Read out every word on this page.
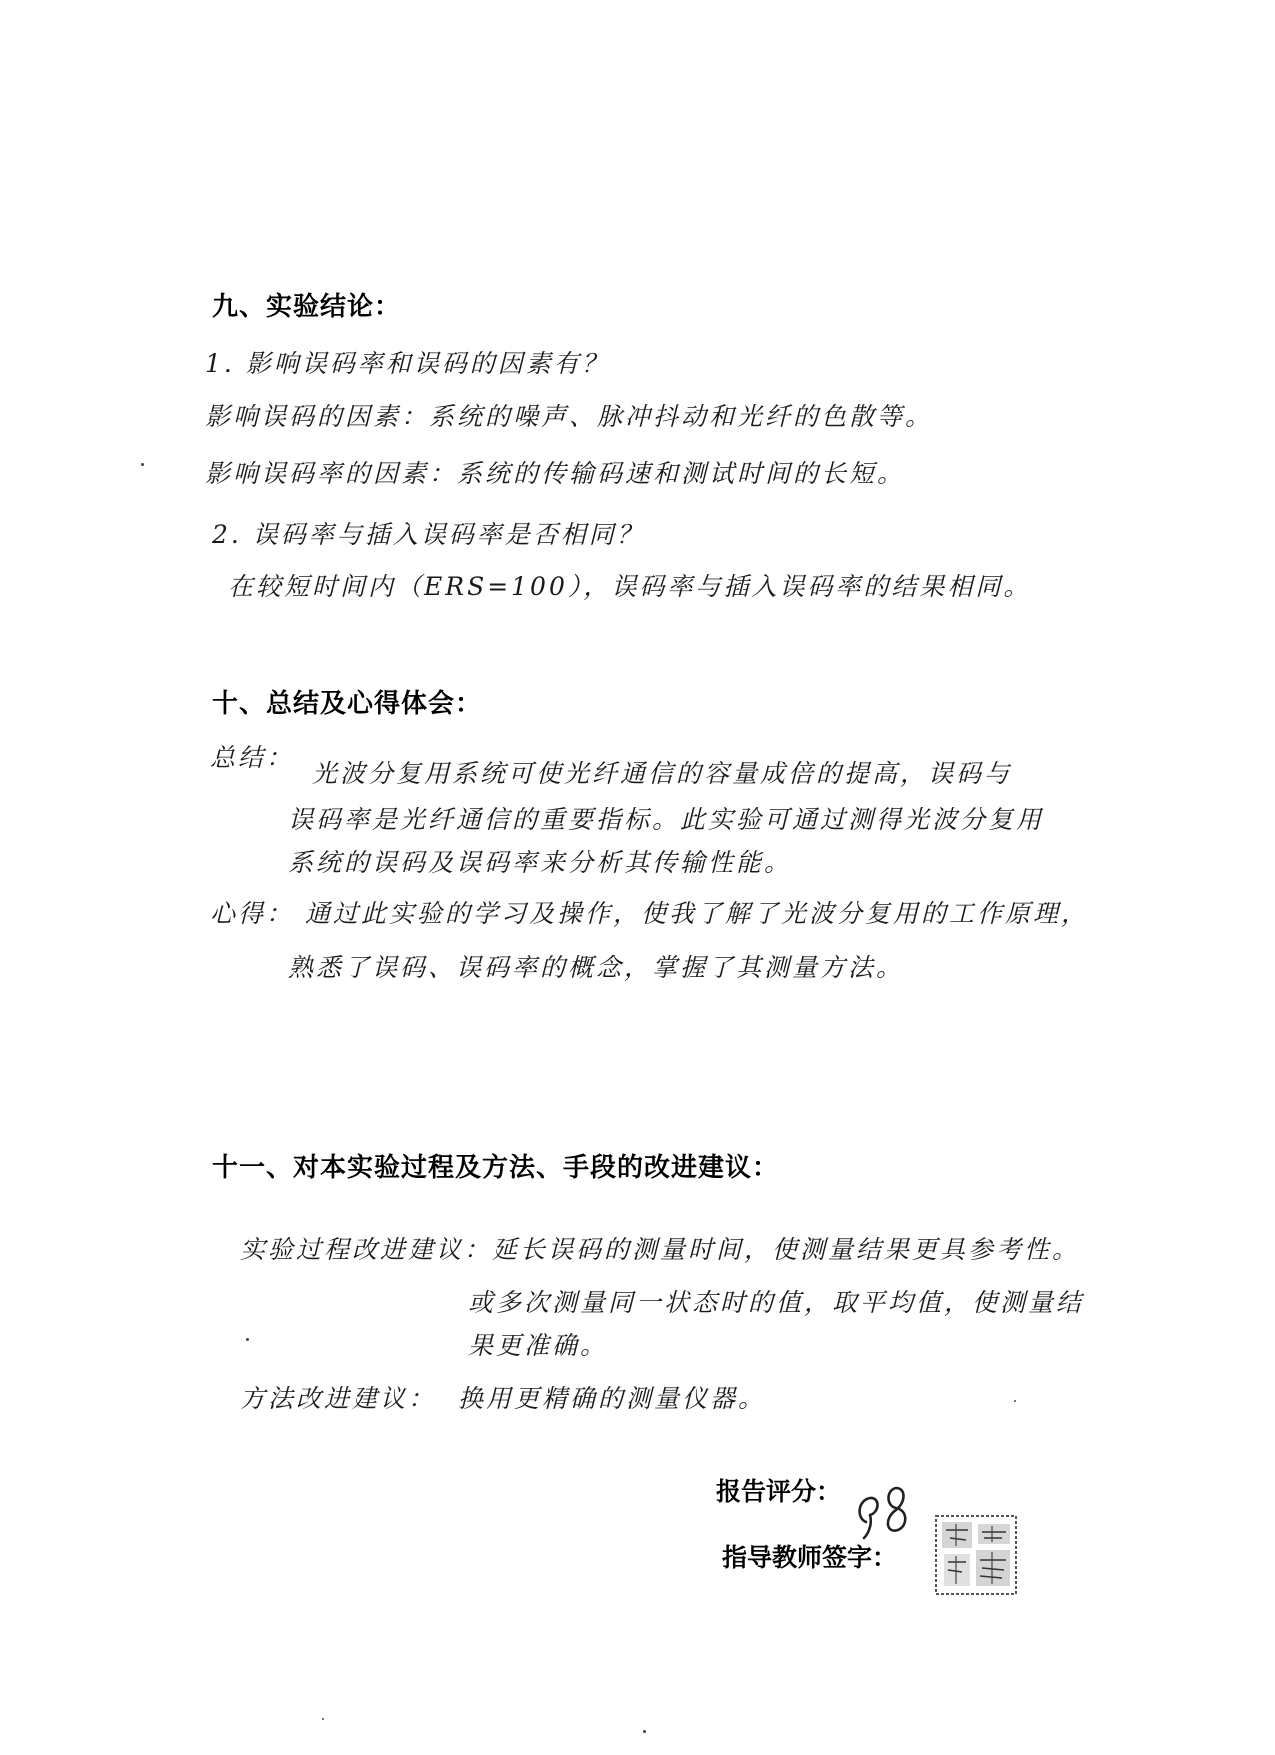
九、实验结论：

1. 影响误码率和误码的因素有？

影响误码的因素：系统的噪声、脉冲抖动和光纤的色散等。

影响误码率的因素：系统的传输码速和测试时间的长短。

2. 误码率与插入误码率是否相同？

在较短时间内（ERS=100），误码率与插入误码率的结果相同。

十、总结及心得体会：

总结：

光波分复用系统可使光纤通信的容量成倍的提高，误码与

误码率是光纤通信的重要指标。此实验可通过测得光波分复用

系统的误码及误码率来分析其传输性能。

心得： 通过此实验的学习及操作，使我了解了光波分复用的工作原理，

熟悉了误码、误码率的概念，掌握了其测量方法。

十一、对本实验过程及方法、手段的改进建议：

实验过程改进建议： 延长误码的测量时间，使测量结果更具参考性。

或多次测量同一状态时的值，取平均值，使测量结

果更准确。

方法改进建议： 换用更精确的测量仪器。

报告评分：

指导教师签字：
